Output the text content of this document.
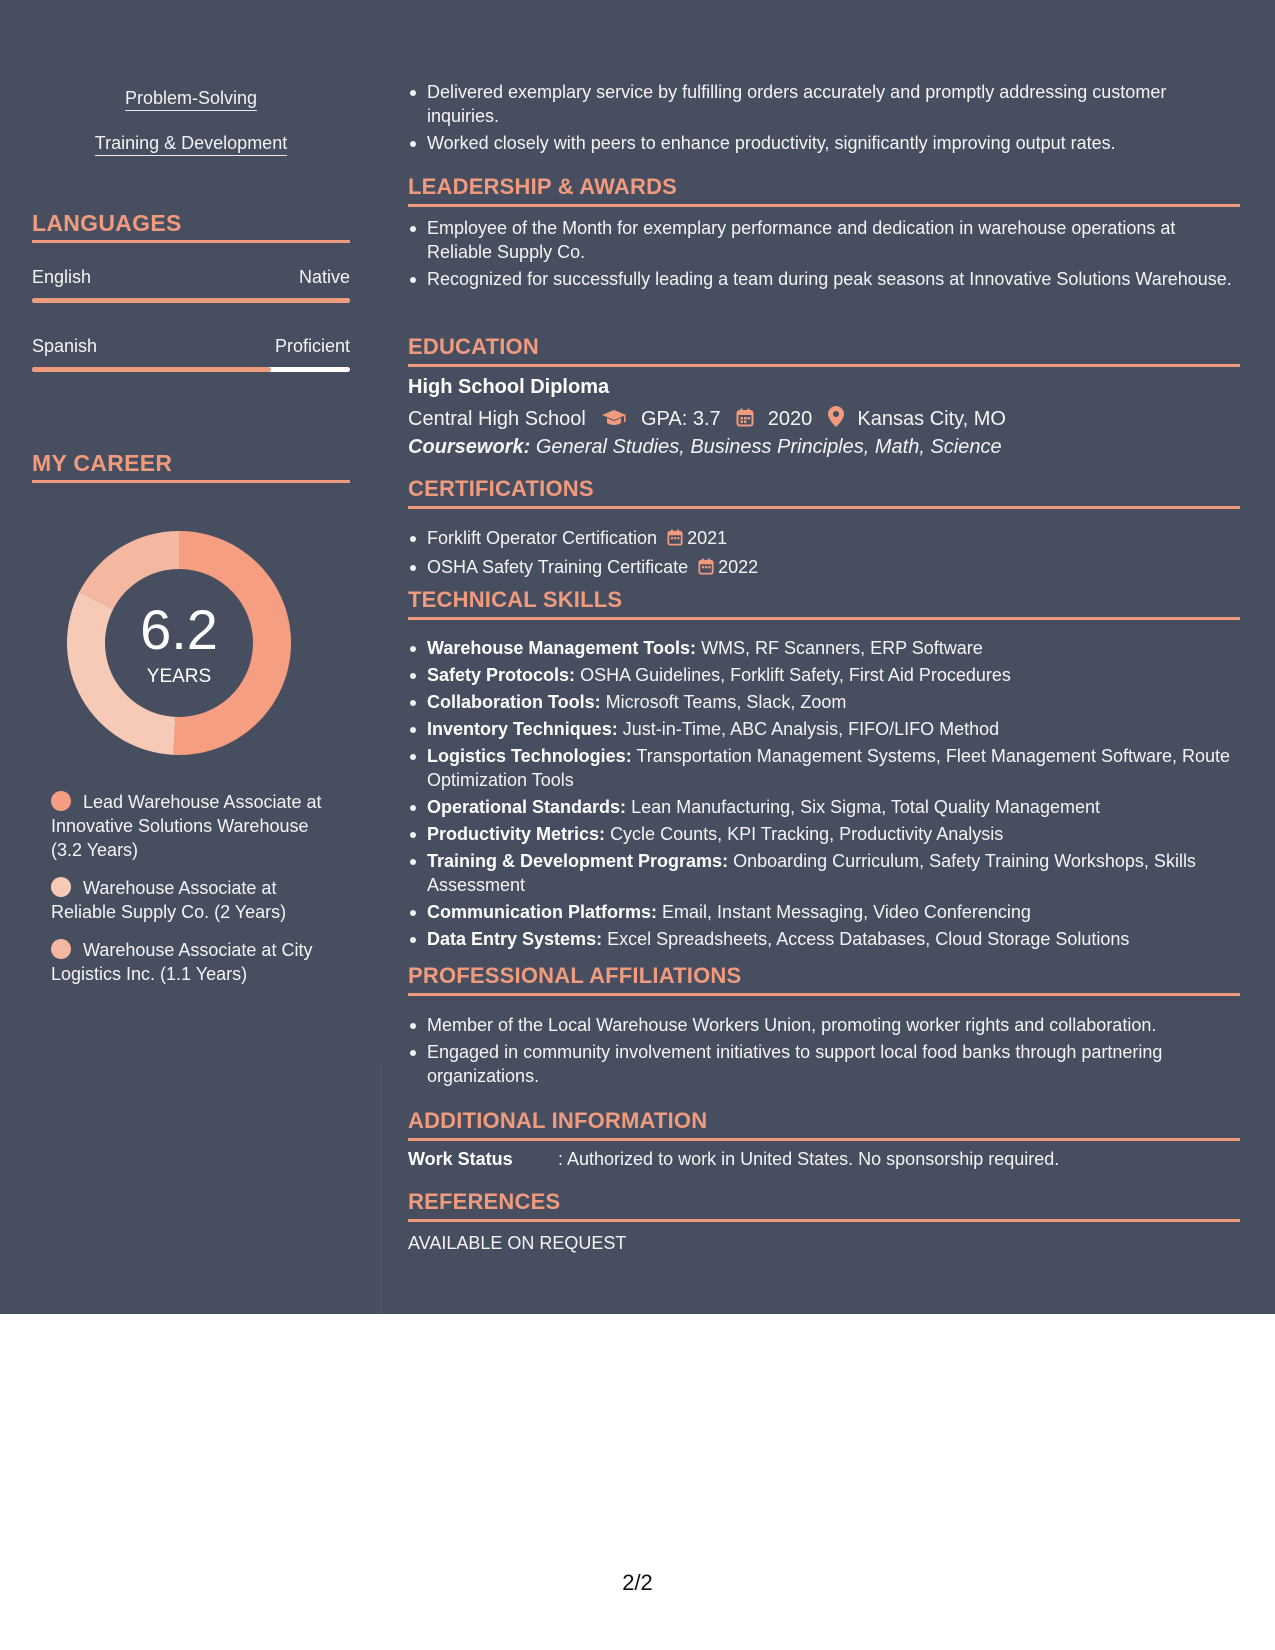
Problem-Solving
Training & Development
LANGUAGES
English	Native
Spanish	Proficient
MY CAREER
6.2
YEARS
Lead Warehouse Associate at Innovative Solutions Warehouse (3.2 Years)
Warehouse Associate at Reliable Supply Co. (2 Years)
Warehouse Associate at City Logistics Inc. (1.1 Years)
Delivered exemplary service by fulfilling orders accurately and promptly addressing customer inquiries.
Worked closely with peers to enhance productivity, significantly improving output rates.
LEADERSHIP & AWARDS
Employee of the Month for exemplary performance and dedication in warehouse operations at Reliable Supply Co.
Recognized for successfully leading a team during peak seasons at Innovative Solutions Warehouse.
EDUCATION
High School Diploma
Central High School	GPA: 3.7 2020 Kansas City, MO
Coursework: General Studies, Business Principles, Math, Science
CERTIFICATIONS
Forklift Operator Certification 2021
OSHA Safety Training Certificate 2022
TECHNICAL SKILLS
Warehouse Management Tools: WMS, RF Scanners, ERP Software
Safety Protocols: OSHA Guidelines, Forklift Safety, First Aid Procedures
Collaboration Tools: Microsoft Teams, Slack, Zoom
Inventory Techniques: Just-in-Time, ABC Analysis, FIFO/LIFO Method
Logistics Technologies: Transportation Management Systems, Fleet Management Software, Route Optimization Tools
Operational Standards: Lean Manufacturing, Six Sigma, Total Quality Management
Productivity Metrics: Cycle Counts, KPI Tracking, Productivity Analysis
Training & Development Programs: Onboarding Curriculum, Safety Training Workshops, Skills Assessment
Communication Platforms: Email, Instant Messaging, Video Conferencing
Data Entry Systems: Excel Spreadsheets, Access Databases, Cloud Storage Solutions
PROFESSIONAL AFFILIATIONS
Member of the Local Warehouse Workers Union, promoting worker rights and collaboration.
Engaged in community involvement initiatives to support local food banks through partnering organizations.
ADDITIONAL INFORMATION
Work Status	: Authorized to work in United States. No sponsorship required.
REFERENCES
AVAILABLE ON REQUEST
2/2
